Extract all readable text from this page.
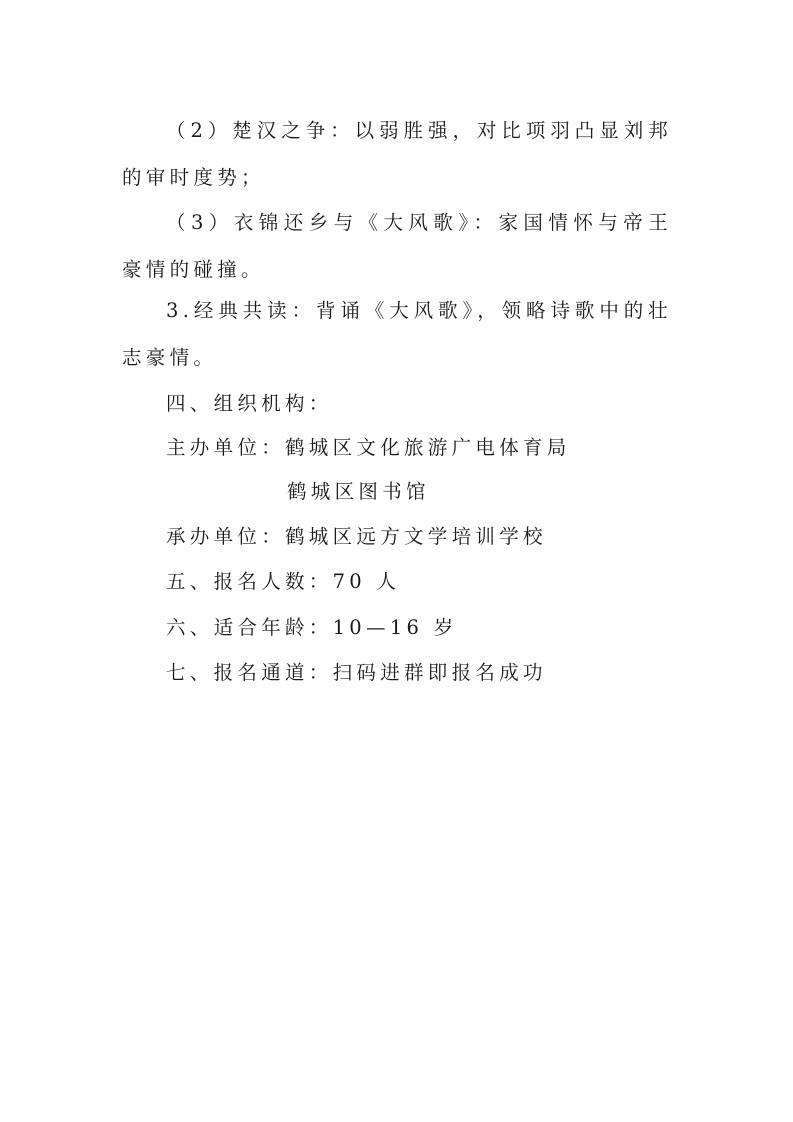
（2）楚汉之争：以弱胜强，对比项羽凸显刘邦的审时度势；

（3）衣锦还乡与《大风歌》：家国情怀与帝王豪情的碰撞。

3.经典共读：背诵《大风歌》，领略诗歌中的壮志豪情。

四、组织机构：

主办单位：鹤城区文化旅游广电体育局

鹤城区图书馆

承办单位：鹤城区远方文学培训学校

五、报名人数：70 人

六、适合年龄：10—16 岁

七、报名通道：扫码进群即报名成功
